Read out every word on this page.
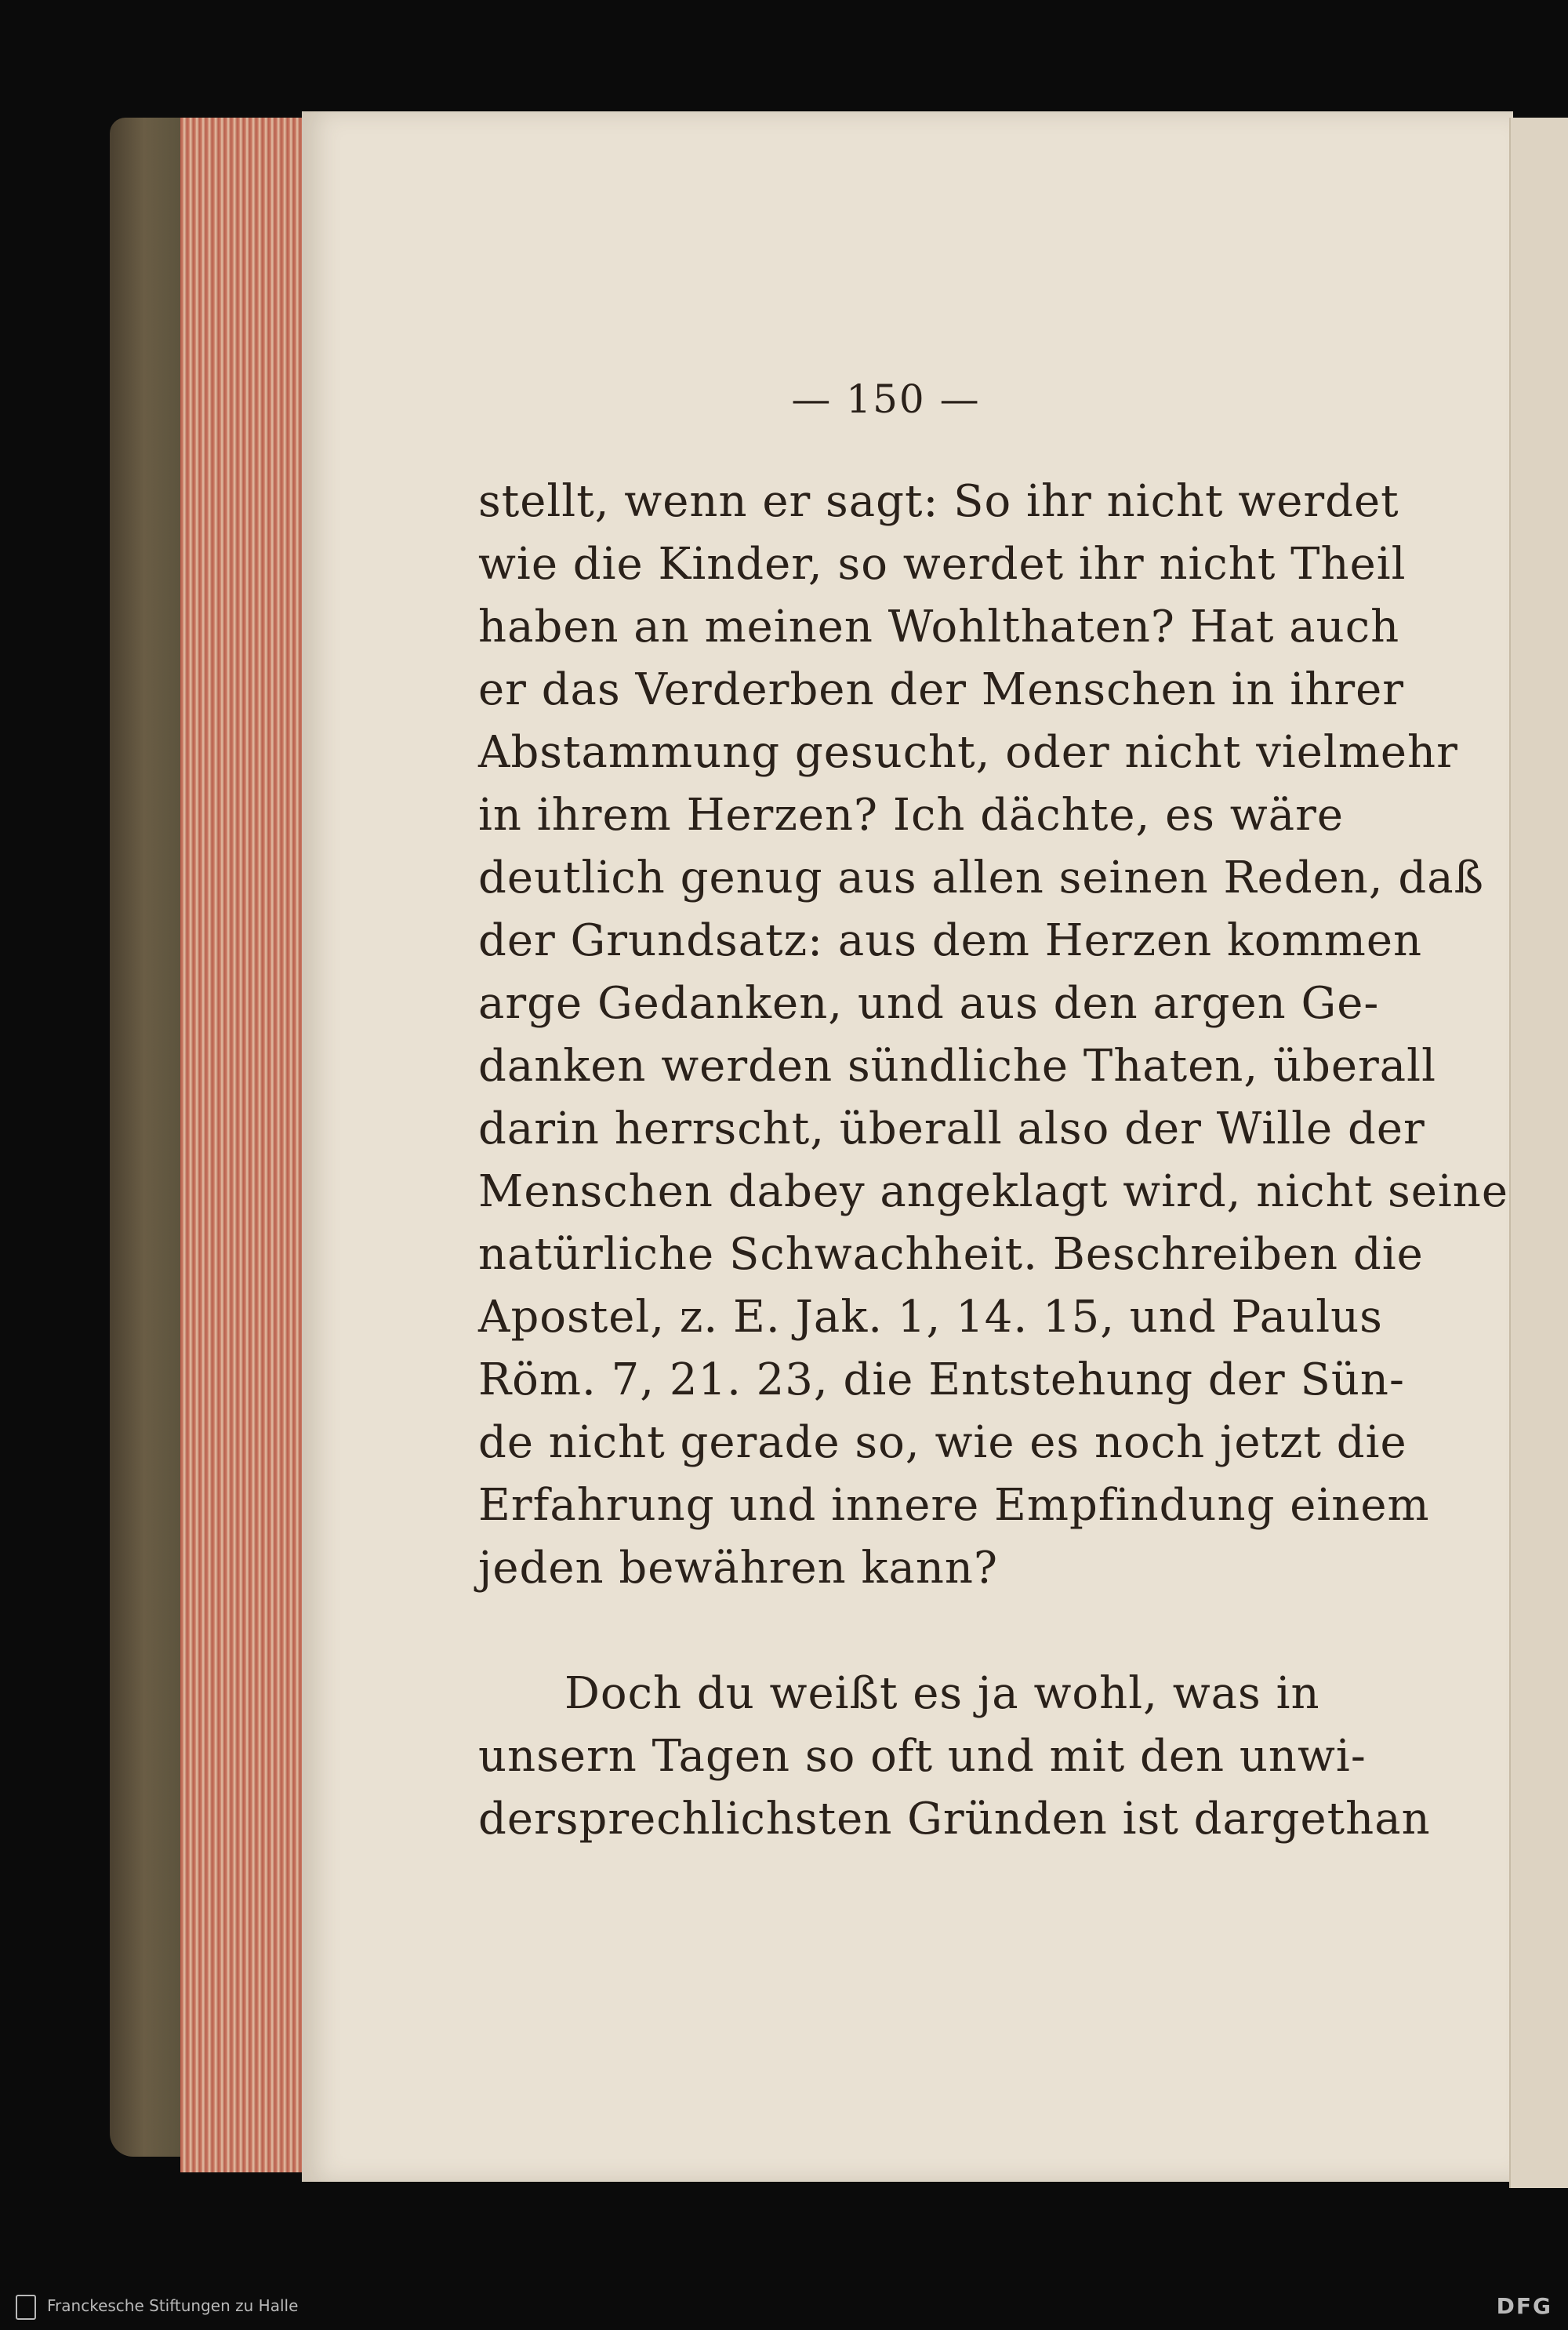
— 150 —
stellt, wenn er sagt: So ihr nicht werdet
wie die Kinder, so werdet ihr nicht Theil
haben an meinen Wohlthaten? Hat auch
er das Verderben der Menschen in ihrer
Abstammung gesucht, oder nicht vielmehr
in ihrem Herzen? Ich dächte, es wäre
deutlich genug aus allen seinen Reden, daß
der Grundsatz: aus dem Herzen kommen
arge Gedanken, und aus den argen Ge-
danken werden sündliche Thaten, überall
darin herrscht, überall also der Wille der
Menschen dabey angeklagt wird, nicht seine
natürliche Schwachheit. Beschreiben die
Apostel, z. E. Jak. 1, 14. 15, und Paulus
Röm. 7, 21. 23, die Entstehung der Sün-
de nicht gerade so, wie es noch jetzt die
Erfahrung und innere Empfindung einem
jeden bewähren kann?
Doch du weißt es ja wohl, was in
unsern Tagen so oft und mit den unwi-
dersprechlichsten Gründen ist dargethan
Franckesche Stiftungen zu Halle	DFG
